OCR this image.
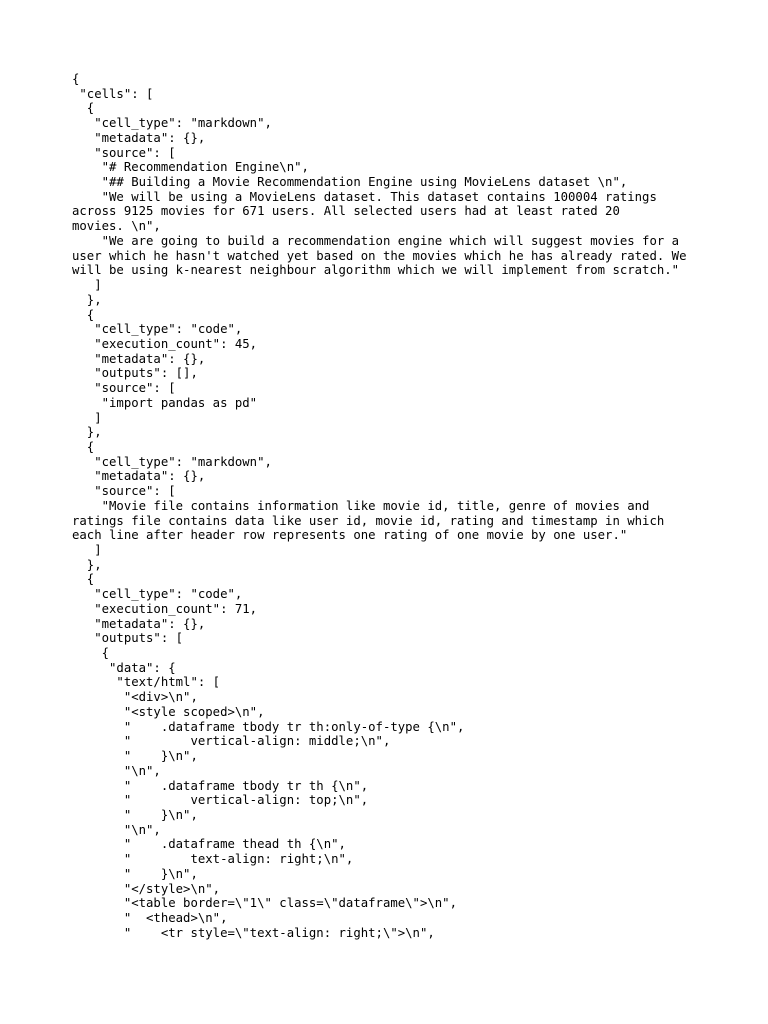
{
"cells": [
{
"cell_type": "markdown",
"metadata": {},
"source": [
"# Recommendation Engine\n",
"## Building a Movie Recommendation Engine using MovieLens dataset \n",
"We will be using a MovieLens dataset. This dataset contains 100004 ratings
across 9125 movies for 671 users. All selected users had at least rated 20
movies. \n",
"We are going to build a recommendation engine which will suggest movies for a
user which he hasn't watched yet based on the movies which he has already rated. We
will be using k-nearest neighbour algorithm which we will implement from scratch."
]
},
{
"cell_type": "code",
"execution_count": 45,
"metadata": {},
"outputs": [],
"source": [
"import pandas as pd"
]
},
{
"cell_type": "markdown",
"metadata": {},
"source": [
"Movie file contains information like movie id, title, genre of movies and
ratings file contains data like user id, movie id, rating and timestamp in which
each line after header row represents one rating of one movie by one user."
]
},
{
"cell_type": "code",
"execution_count": 71,
"metadata": {},
"outputs": [
{
"data": {
"text/html": [
"<div>\n",
"<style scoped>\n",
"    .dataframe tbody tr th:only-of-type {\n",
"        vertical-align: middle;\n",
"    }\n",
"\n",
"    .dataframe tbody tr th {\n",
"        vertical-align: top;\n",
"    }\n",
"\n",
"    .dataframe thead th {\n",
"        text-align: right;\n",
"    }\n",
"</style>\n",
"<table border=\"1\" class=\"dataframe\">\n",
"  <thead>\n",
"    <tr style=\"text-align: right;\">\n",
